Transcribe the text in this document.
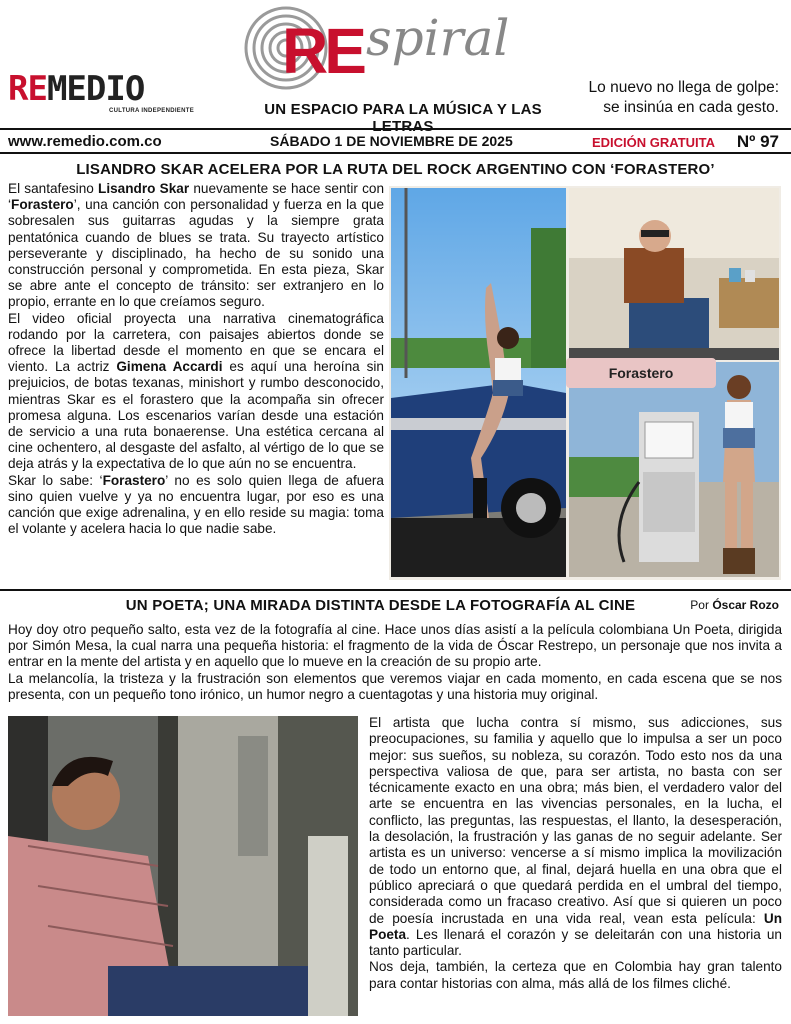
REMEDIO
CULTURA INDEPENDIENTE
RE spiral
UN ESPACIO PARA LA MÚSICA Y LAS LETRAS
Lo nuevo no llega de golpe:
se insinúa en cada gesto.
www.remedio.com.co	SÁBADO 1 DE NOVIEMBRE DE 2025	EDICIÓN GRATUITA Nº 97
LISANDRO SKAR ACELERA POR LA RUTA DEL ROCK ARGENTINO CON ‘FORASTERO’

El santafesino Lisandro Skar nuevamente se hace sentir con ‘Forastero’, una canción con personalidad y fuerza en la que sobresalen sus guitarras agudas y la siempre grata pentatónica cuando de blues se trata. Su trayecto artístico perseverante y disciplinado, ha hecho de su sonido una construcción personal y comprometida. En esta pieza, Skar se abre ante el concepto de tránsito: ser extranjero en lo propio, errante en lo que creíamos seguro.

El video oficial proyecta una narrativa cinematográfica rodando por la carretera, con paisajes abiertos donde se ofrece la libertad desde el momento en que se encara el viento. La actriz Gimena Accardi es aquí una heroína sin prejuicios, de botas texanas, minishort y rumbo desconocido, mientras Skar es el forastero que la acompaña sin ofrecer promesa alguna. Los escenarios varían desde una estación de servicio a una ruta bonaerense. Una estética cercana al cine ochentero, al desgaste del asfalto, al vértigo de lo que se deja atrás y la expectativa de lo que aún no se encuentra.

Skar lo sabe: ‘Forastero’ no es solo quien llega de afuera sino quien vuelve y ya no encuentra lugar, por eso es una canción que exige adrenalina, y en ello reside su magia: toma el volante y acelera hacia lo que nadie sabe.

Forastero
UN POETA; UNA MIRADA DISTINTA DESDE LA FOTOGRAFÍA AL CINE	Por Óscar Rozo

Hoy doy otro pequeño salto, esta vez de la fotografía al cine. Hace unos días asistí a la película colombiana Un Poeta, dirigida por Simón Mesa, la cual narra una pequeña historia: el fragmento de la vida de Óscar Restrepo, un personaje que nos invita a entrar en la mente del artista y en aquello que lo mueve en la creación de su propio arte.

La melancolía, la tristeza y la frustración son elementos que veremos viajar en cada momento, en cada escena que se nos presenta, con un pequeño tono irónico, un humor negro a cuentagotas y una historia muy original.

El artista que lucha contra sí mismo, sus adicciones, sus preocupaciones, su familia y aquello que lo impulsa a ser un poco mejor: sus sueños, su nobleza, su corazón. Todo esto nos da una perspectiva valiosa de que, para ser artista, no basta con ser técnicamente exacto en una obra; más bien, el verdadero valor del arte se encuentra en las vivencias personales, en la lucha, el conflicto, las preguntas, las respuestas, el llanto, la desesperación, la desolación, la frustración y las ganas de no seguir adelante. Ser artista es un universo: vencerse a sí mismo implica la movilización de todo un entorno que, al final, dejará huella en una obra que el público apreciará o que quedará perdida en el umbral del tiempo, considerada como un fracaso creativo. Así que si quieren un poco de poesía incrustada en una vida real, vean esta película: Un Poeta. Les llenará el corazón y se deleitarán con una historia un tanto particular.

Nos deja, también, la certeza que en Colombia hay gran talento para contar historias con alma, más allá de los filmes cliché.
